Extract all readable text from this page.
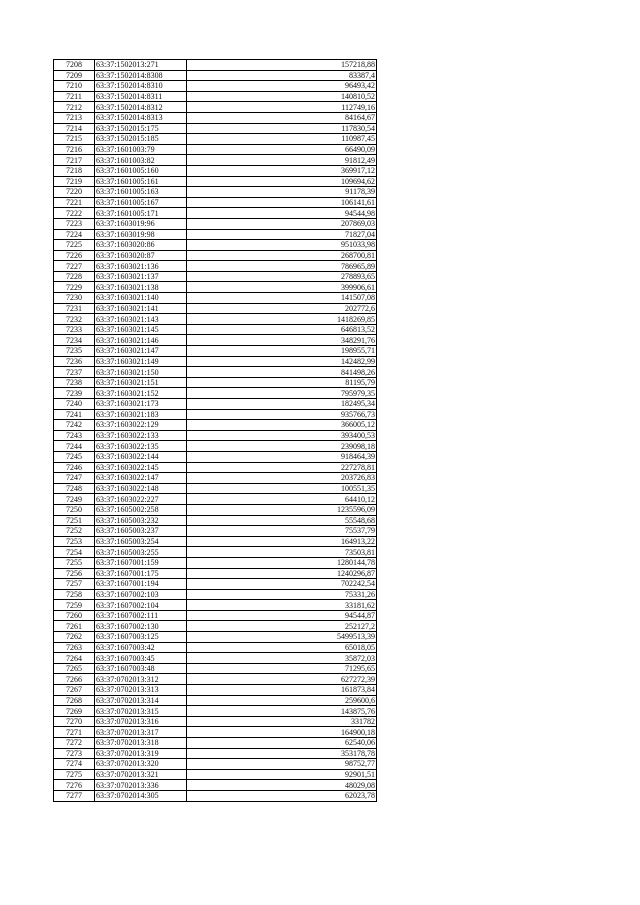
7208	63:37:1502013:271	157218,88
7209	63:37:1502014:8308	83387,4
7210	63:37:1502014:8310	96493,42
7211	63:37:1502014:8311	140810,52
7212	63:37:1502014:8312	112749,16
7213	63:37:1502014:8313	84164,67
7214	63:37:1502015:175	117830,54
7215	63:37:1502015:185	110987,45
7216	63:37:1601003:79	66490,09
7217	63:37:1601003:82	91812,49
7218	63:37:1601005:160	369917,12
7219	63:37:1601005:161	109694,62
7220	63:37:1601005:163	91178,39
7221	63:37:1601005:167	106141,61
7222	63:37:1601005:171	94544,98
7223	63:37:1603019:96	207869,03
7224	63:37:1603019:98	71827,04
7225	63:37:1603020:86	951033,98
7226	63:37:1603020:87	268700,81
7227	63:37:1603021:136	786965,89
7228	63:37:1603021:137	278893,65
7229	63:37:1603021:138	399906,61
7230	63:37:1603021:140	141507,08
7231	63:37:1603021:141	202772,6
7232	63:37:1603021:143	1418269,85
7233	63:37:1603021:145	646813,52
7234	63:37:1603021:146	348291,76
7235	63:37:1603021:147	198955,71
7236	63:37:1603021:149	142482,99
7237	63:37:1603021:150	841498,26
7238	63:37:1603021:151	81195,79
7239	63:37:1603021:152	795979,35
7240	63:37:1603021:173	182495,34
7241	63:37:1603021:183	935766,73
7242	63:37:1603022:129	366005,12
7243	63:37:1603022:133	393400,53
7244	63:37:1603022:135	239098,18
7245	63:37:1603022:144	918464,39
7246	63:37:1603022:145	227278,81
7247	63:37:1603022:147	203726,83
7248	63:37:1603022:148	100551,35
7249	63:37:1603022:227	64410,12
7250	63:37:1605002:258	1235596,09
7251	63:37:1605003:232	55548,68
7252	63:37:1605003:237	75537,79
7253	63:37:1605003:254	164913,22
7254	63:37:1605003:255	73503,81
7255	63:37:1607001:159	1280144,78
7256	63:37:1607001:175	1240296,87
7257	63:37:1607001:194	702242,54
7258	63:37:1607002:103	75331,26
7259	63:37:1607002:104	33181,62
7260	63:37:1607002:111	94544,87
7261	63:37:1607002:130	252127,2
7262	63:37:1607003:125	5499513,39
7263	63:37:1607003:42	65018,05
7264	63:37:1607003:45	35872,03
7265	63:37:1607003:48	71295,65
7266	63:37:0702013:312	627272,39
7267	63:37:0702013:313	161873,84
7268	63:37:0702013:314	259600,6
7269	63:37:0702013:315	143875,76
7270	63:37:0702013:316	331782
7271	63:37:0702013:317	164900,18
7272	63:37:0702013:318	62540,06
7273	63:37:0702013:319	353178,78
7274	63:37:0702013:320	98752,77
7275	63:37:0702013:321	92901,51
7276	63:37:0702013:336	48029,08
7277	63:37:0702014:305	62023,78
